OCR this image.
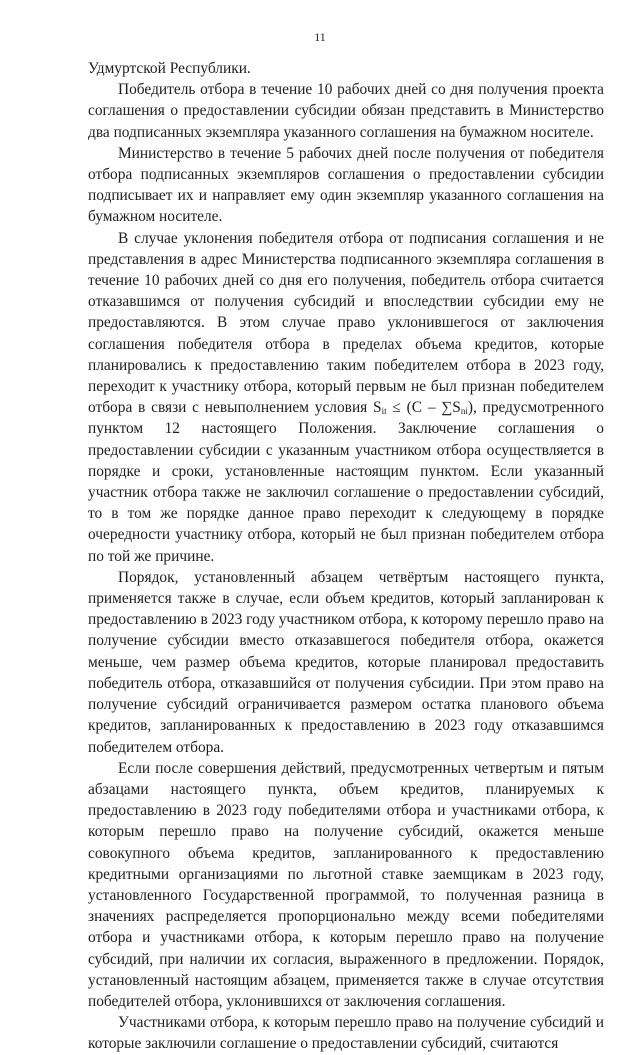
11

Удмуртской Республики.

Победитель отбора в течение 10 рабочих дней со дня получения проекта соглашения о предоставлении субсидии обязан представить в Министерство два подписанных экземпляра указанного соглашения на бумажном носителе.

Министерство в течение 5 рабочих дней после получения от победителя отбора подписанных экземпляров соглашения о предоставлении субсидии подписывает их и направляет ему один экземпляр указанного соглашения на бумажном носителе.

В случае уклонения победителя отбора от подписания соглашения и не представления в адрес Министерства подписанного экземпляра соглашения в течение 10 рабочих дней со дня его получения, победитель отбора считается отказавшимся от получения субсидий и впоследствии субсидии ему не предоставляются. В этом случае право уклонившегося от заключения соглашения победителя отбора в пределах объема кредитов, которые планировались к предоставлению таким победителем отбора в 2023 году, переходит к участнику отбора, который первым не был признан победителем отбора в связи с невыполнением условия $S_{it} \le (C - \sum S_{ni})$, предусмотренного пунктом 12 настоящего Положения. Заключение соглашения о предоставлении субсидии с указанным участником отбора осуществляется в порядке и сроки, установленные настоящим пунктом. Если указанный участник отбора также не заключил соглашение о предоставлении субсидий, то в том же порядке данное право переходит к следующему в порядке очередности участнику отбора, который не был признан победителем отбора по той же причине.

Порядок, установленный абзацем четвёртым настоящего пункта, применяется также в случае, если объем кредитов, который запланирован к предоставлению в 2023 году участником отбора, к которому перешло право на получение субсидии вместо отказавшегося победителя отбора, окажется меньше, чем размер объема кредитов, которые планировал предоставить победитель отбора, отказавшийся от получения субсидии. При этом право на получение субсидий ограничивается размером остатка планового объема кредитов, запланированных к предоставлению в 2023 году отказавшимся победителем отбора.

Если после совершения действий, предусмотренных четвертым и пятым абзацами настоящего пункта, объем кредитов, планируемых к предоставлению в 2023 году победителями отбора и участниками отбора, к которым перешло право на получение субсидий, окажется меньше совокупного объема кредитов, запланированного к предоставлению кредитными организациями по льготной ставке заемщикам в 2023 году, установленного Государственной программой, то полученная разница в значениях распределяется пропорционально между всеми победителями отбора и участниками отбора, к которым перешло право на получение субсидий, при наличии их согласия, выраженного в предложении. Порядок, установленный настоящим абзацем, применяется также в случае отсутствия победителей отбора, уклонившихся от заключения соглашения.

Участниками отбора, к которым перешло право на получение субсидий и которые заключили соглашение о предоставлении субсидий, считаются
